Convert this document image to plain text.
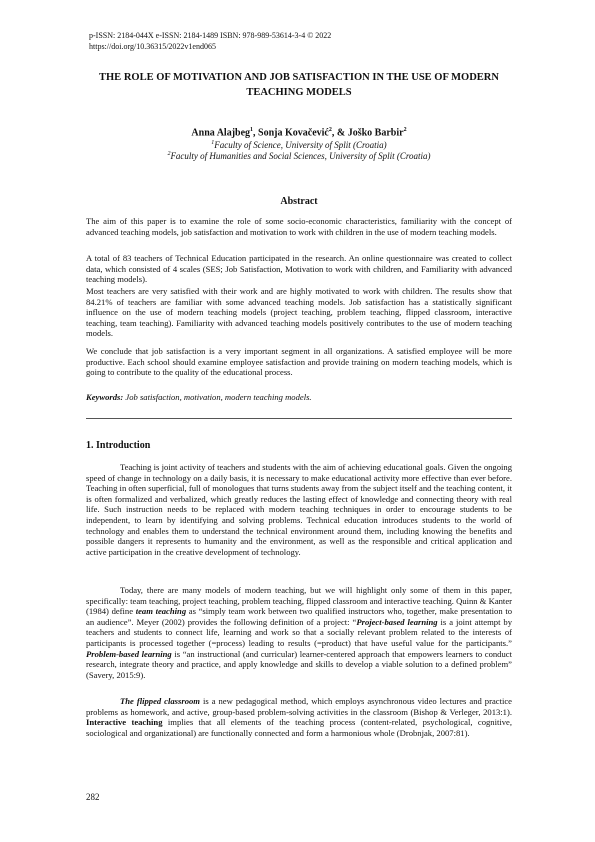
p-ISSN: 2184-044X e-ISSN: 2184-1489 ISBN: 978-989-53614-3-4 © 2022
https://doi.org/10.36315/2022v1end065
THE ROLE OF MOTIVATION AND JOB SATISFACTION IN THE USE OF MODERN TEACHING MODELS
Anna Alajbeg$^1$, Sonja Kovačević$^2$, & Joško Barbir$^2$
$^1$Faculty of Science, University of Split (Croatia)
$^2$Faculty of Humanities and Social Sciences, University of Split (Croatia)
Abstract
The aim of this paper is to examine the role of some socio-economic characteristics, familiarity with the concept of advanced teaching models, job satisfaction and motivation to work with children in the use of modern teaching models.
A total of 83 teachers of Technical Education participated in the research. An online questionnaire was created to collect data, which consisted of 4 scales (SES; Job Satisfaction, Motivation to work with children, and Familiarity with advanced teaching models).
Most teachers are very satisfied with their work and are highly motivated to work with children. The results show that 84.21% of teachers are familiar with some advanced teaching models. Job satisfaction has a statistically significant influence on the use of modern teaching models (project teaching, problem teaching, flipped classroom, interactive teaching, team teaching). Familiarity with advanced teaching models positively contributes to the use of modern teaching models.
We conclude that job satisfaction is a very important segment in all organizations. A satisfied employee will be more productive. Each school should examine employee satisfaction and provide training on modern teaching models, which is going to contribute to the quality of the educational process.
Keywords: Job satisfaction, motivation, modern teaching models.
1. Introduction
Teaching is joint activity of teachers and students with the aim of achieving educational goals. Given the ongoing speed of change in technology on a daily basis, it is necessary to make educational activity more effective than ever before. Teaching in often superficial, full of monologues that turns students away from the subject itself and the teaching content, it is often formalized and verbalized, which greatly reduces the lasting effect of knowledge and connecting theory with real life. Such instruction needs to be replaced with modern teaching techniques in order to encourage students to be independent, to learn by identifying and solving problems. Technical education introduces students to the world of technology and enables them to understand the technical environment around them, including knowing the benefits and possible dangers it represents to humanity and the environment, as well as the responsible and critical application and active participation in the creative development of technology.
Today, there are many models of modern teaching, but we will highlight only some of them in this paper, specifically: team teaching, project teaching, problem teaching, flipped classroom and interactive teaching. Quinn & Kanter (1984) define team teaching as “simply team work between two qualified instructors who, together, make presentation to an audience”. Meyer (2002) provides the following definition of a project: “Project-based learning is a joint attempt by teachers and students to connect life, learning and work so that a socially relevant problem related to the interests of participants is processed together (=process) leading to results (=product) that have useful value for the participants.” Problem-based learning is “an instructional (and curricular) learner-centered approach that empowers learners to conduct research, integrate theory and practice, and apply knowledge and skills to develop a viable solution to a defined problem” (Savery, 2015:9).
The flipped classroom is a new pedagogical method, which employs asynchronous video lectures and practice problems as homework, and active, group-based problem-solving activities in the classroom (Bishop & Verleger, 2013:1). Interactive teaching implies that all elements of the teaching process (content-related, psychological, cognitive, sociological and organizational) are functionally connected and form a harmonious whole (Drobnjak, 2007:81).
282
